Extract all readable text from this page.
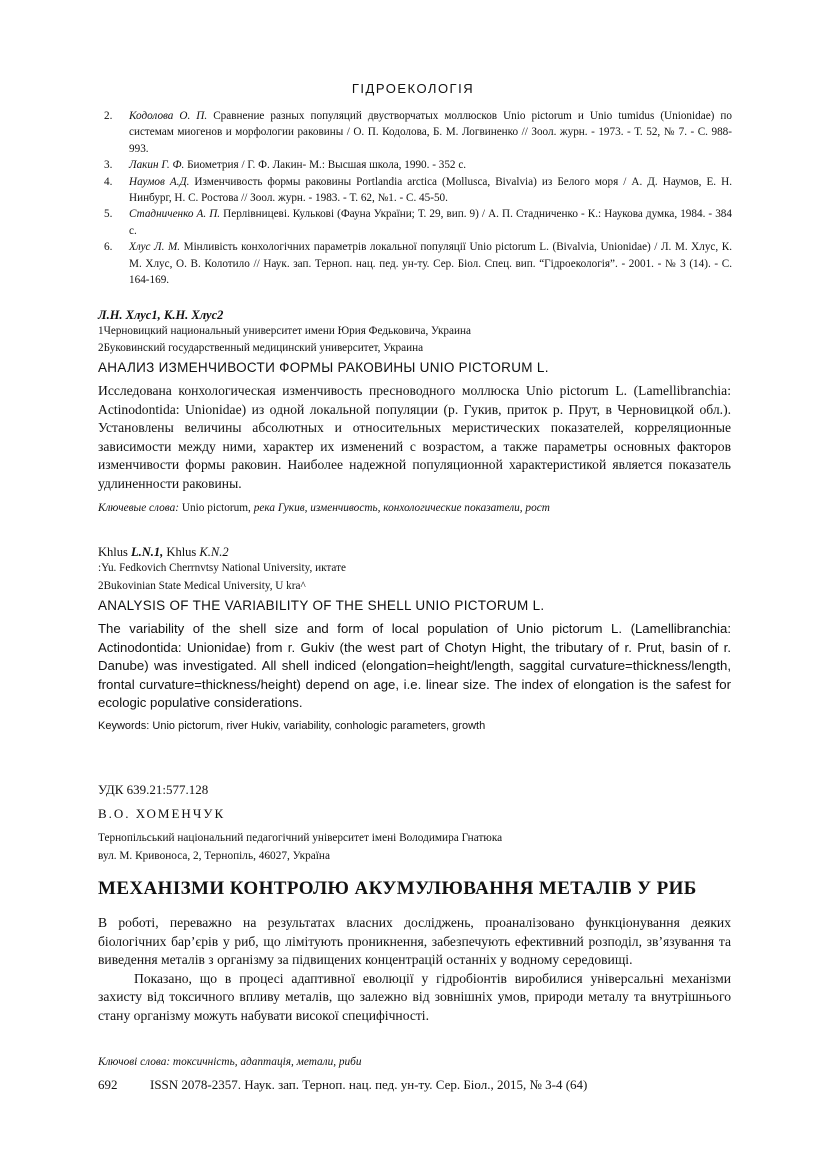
ГІДРОЕКОЛОГІЯ
2. Кодолова О. П. Сравнение разных популяций двустворчатых моллюсков Unio pictorum и Unio tumidus (Unionidae) по системам миогенов и морфологии раковины / О. П. Кодолова, Б. М. Логвиненко // Зоол. журн. - 1973. - Т. 52, № 7. - С. 988-993.
3. Лакин Г. Ф. Биометрия / Г. Ф. Лакин- М.: Высшая школа, 1990. - 352 с.
4. Наумов А.Д. Изменчивость формы раковины Portlandia arctica (Mollusca, Bivalvia) из Белого моря / А. Д. Наумов, Е. Н. Нинбург, Н. С. Ростова // Зоол. журн. - 1983. - Т. 62, №1. - С. 45-50.
5. Стадниченко А. П. Перлівницеві. Кульковi (Фауна України; Т. 29, вип. 9) / А. П. Стадниченко - К.: Наукова думка, 1984. - 384 с.
6. Хлус Л. М. Мінливість конхологічних параметрів локальної популяції Unio pictorum L. (Bivalvia, Unionidae) / Л. М. Хлус, К. М. Хлус, О. В. Колотило // Наук. зап. Терноп. нац. пед. ун-ту. Сер. Біол. Спец. вип. “Гідроекологія”. - 2001. - № 3 (14). - С. 164-169.
Л.Н. Хлус1, К.Н. Хлус2
1Черновицкий национальный университет имени Юрия Федьковича, Украина
2Буковинский государственный медицинский университет, Украина
АНАЛИЗ ИЗМЕНЧИВОСТИ ФОРМЫ РАКОВИНЫ UNIO PICTORUM L.

Исследована конхологическая изменчивость пресноводного моллюска Unio pictorum L. (Lamellibranchia: Actinodontida: Unionidae) из одной локальной популяции (р. Гукив, приток р. Прут, в Черновицкой обл.). Установлены величины абсолютных и относительных меристических показателей, корреляционные зависимости между ними, характер их изменений с возрастом, а также параметры основных факторов изменчивости формы раковин. Наиболее надежной популяционной характеристикой является показатель удлиненности раковины.

Ключевые слова: Unio pictorum, река Гукив, изменчивость, конхологические показатели, рост
Khlus L.N.1, Khlus K.N.2
:Yu. Fedkovich Cherrnvtsy National University, иктате
2Bukovinian State Medical University, U kra^
ANALYSIS OF THE VARIABILITY OF THE SHELL UNIO PICTORUM L.

The variability of the shell size and form of local population of Unio pictorum L. (Lamellibranchia: Actinodontida: Unionidae) from r. Gukiv (the west part of Chotyn Hight, the tributary of r. Prut, basin of r. Danube) was investigated. All shell indiced (elongation=height/length, saggital curvature=thickness/length, frontal curvature=thickness/height) depend on age, i.e. linear size. The index of elongation is the safest for ecologic populative considerations.

Keywords: Unio pictorum, river Hukiv, variability, conhologic parameters, growth
УДК 639.21:577.128
В.О. ХОМЕНЧУК
Тернопільський національний педагогічний університет імені Володимира Гнатюка
вул. М. Кривоноса, 2, Тернопіль, 46027, Україна
МЕХАНІЗМИ КОНТРОЛЮ АКУМУЛЮВАННЯ МЕТАЛІВ У РИБ

В роботі, переважно на результатах власних досліджень, проаналізовано функціонування деяких біологічних бар’єрів у риб, що лімітують проникнення, забезпечують ефективний розподіл, зв’язування та виведення металів з організму за підвищених концентрацій останніх у водному середовищі.

Показано, що в процесі адаптивної еволюції у гідробіонтів виробилися універсальні механізми захисту від токсичного впливу металів, що залежно від зовнішніх умов, природи металу та внутрішнього стану організму можуть набувати високої специфічності.

Ключові слова: токсичність, адаптація, метали, риби
692	ISSN 2078-2357. Наук. зап. Терноп. нац. пед. ун-ту. Сер. Біол., 2015, № 3-4 (64)
